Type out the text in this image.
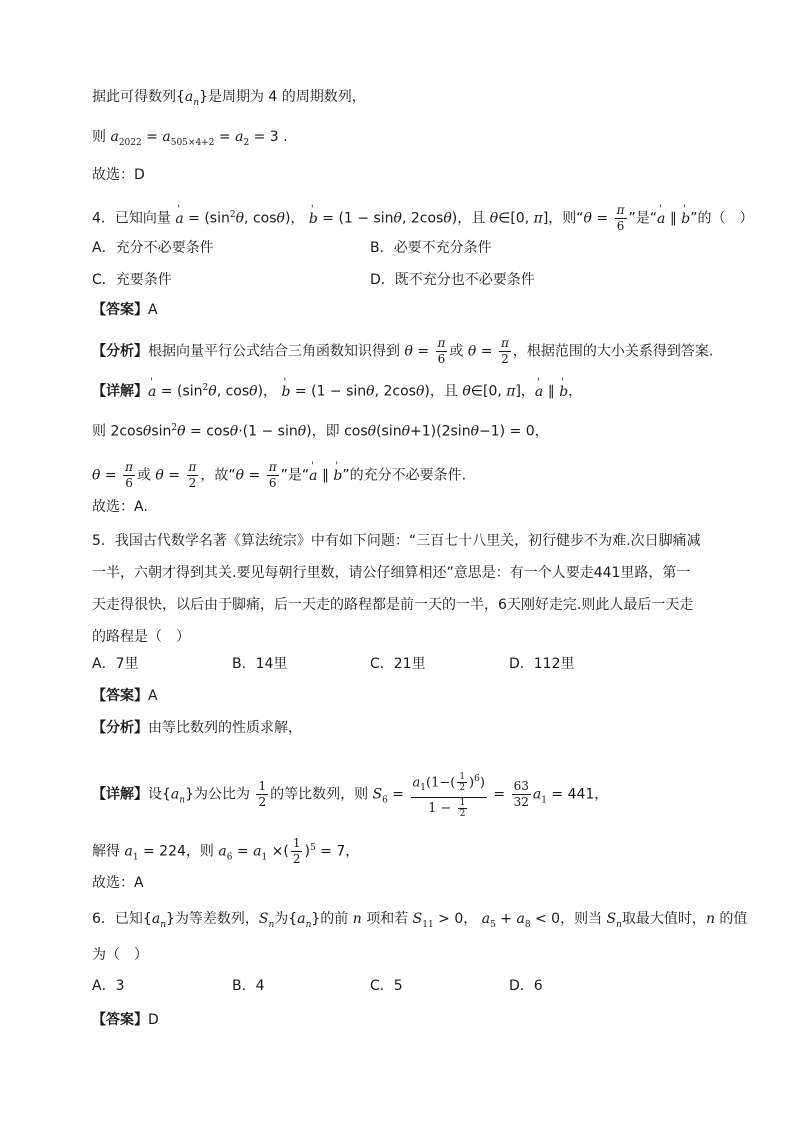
据此可得数列$\{a_n\}$是周期为 4 的周期数列，
则 $a_{2022} = a_{505\times 4+2} = a_2 = 3$ .
故选：D
4．已知向量 ' $a = (\sin^2\theta$, cosθ)， ' b = (1 − sinθ, 2cosθ)，且 θ∈[0, π]，则“$\theta = \frac{\pi}{6}$ ”是“' a ∥ ' b”的（　）
A．充分不必要条件	B．必要不充分条件
C．充要条件	D．既不充分也不必要条件
【答案】A
【分析】根据向量平行公式结合三角函数知识得到 $\theta = \frac{\pi}{6}$ 或 $\theta = \frac{\pi}{2}$ ，根据范围的大小关系得到答案.
【详解】' $a = (\sin^2\theta$, cosθ)， ' b = (1 − sinθ, 2cosθ)，且 θ∈[0, π]，' a ∥ ' b，
则 2cosθsin$^2$θ = cosθ·(1 − sinθ)，即 cosθ(sinθ+1)(2sinθ−1) = 0，
$\theta = \frac{\pi}{6}$ 或 $\theta = \frac{\pi}{2}$ ，故“$\theta = \frac{\pi}{6}$ ”是“' a ∥ ' b”的充分不必要条件.
故选：A.
5．我国古代数学名著《算法统宗》中有如下问题：“三百七十八里关，初行健步不为难.次日脚痛减
一半，六朝才得到其关.要见每朝行里数，请公仔细算相还”意思是：有一个人要走441里路，第一
天走得很快，以后由于脚痛，后一天走的路程都是前一天的一半，6天刚好走完.则此人最后一天走
的路程是（　）
A．7里	B．14里	C．21里	D．112里
【答案】A
【分析】由等比数列的性质求解，
【详解】设$\{a_n\}$为公比为 $\frac{1}{2}$ 的等比数列，则 $S_6 = \frac{a_1(1-( \frac{1}{2} )^6)}{1 - \frac{1}{2}} = \frac{63}{32} a_1 = 441$，
解得 $a_1 = 224$，则 $a_6 = a_1$ ×( $\frac{1}{2} )^5 = 7$，
故选：A
6．已知$\{a_n\}$为等差数列，$S_n$为$\{a_n\}$的前 n 项和若 $S_{11} > 0$， $a_5 + a_8 < 0$，则当 $S_n$取最大值时，n 的值
为（　）
A．3	B．4	C．5	D．6
【答案】D
